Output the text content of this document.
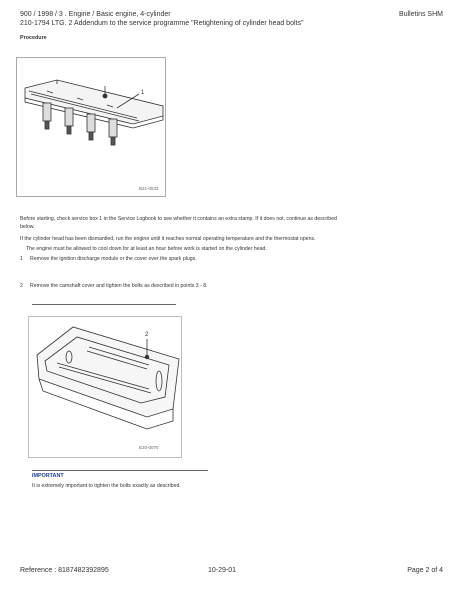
900 / 1998 / 3 . Engine / Basic engine, 4-cylinder	Bulletins SHM
210-1794 LTG. 2 Addendum to the service programme "Retightening of cylinder head bolts"
Procedure
1
B21-0533
Before starting, check service box 1 in the Service Logbook to see whether it contains an extra stamp. If it does not, continue as described
below.
If the cylinder head has been dismantled, run the engine until it reaches normal operating temperature and the thermostat opens.
The engine must be allowed to cool down for at least an hour before work is started on the cylinder head.
1 Remove the ignition discharge module or the cover over the spark plugs.
2 Remove the camshaft cover and tighten the bolts as described in points 3 - 8.
2
E20-0070
IMPORTANT
It is extremely important to tighten the bolts exactly as described.
Reference : 8187482392895	10-29-01	Page 2 of 4
